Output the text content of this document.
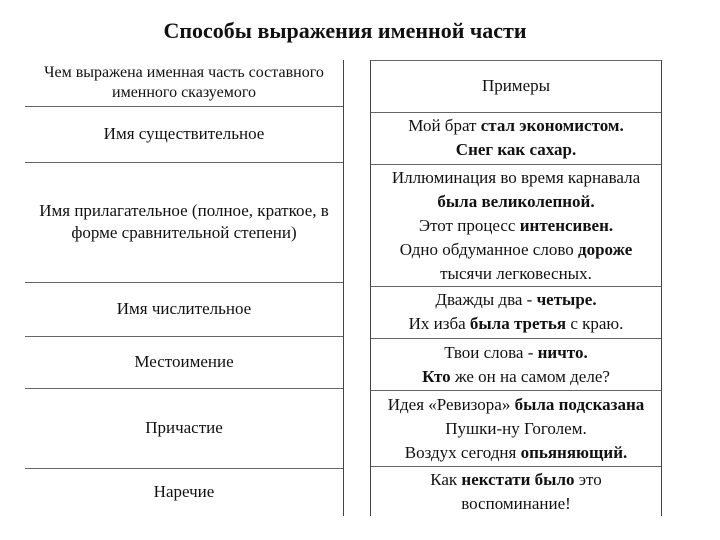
Способы выражения именной части
Чем выражена именная часть составного именного сказуемого
Имя существительное
Имя прилагательное (полное, краткое, в форме сравнительной степени)
Имя числительное
Местоимение
Причастие
Наречие
Примеры
Мой брат стал экономистом.
Снег как сахар.
Иллюминация во время карнавала
была великолепной.
Этот процесс интенсивен.
Одно обдуманное слово дороже
тысячи легковесных.
Дважды два - четыре.
Их изба была третья с краю.
Твои слова - ничто.
Кто же он на самом деле?
Идея «Ревизора» была подсказана
Пушки-ну Гоголем.
Воздух сегодня опьяняющий.
Как некстати было это
воспоминание!
